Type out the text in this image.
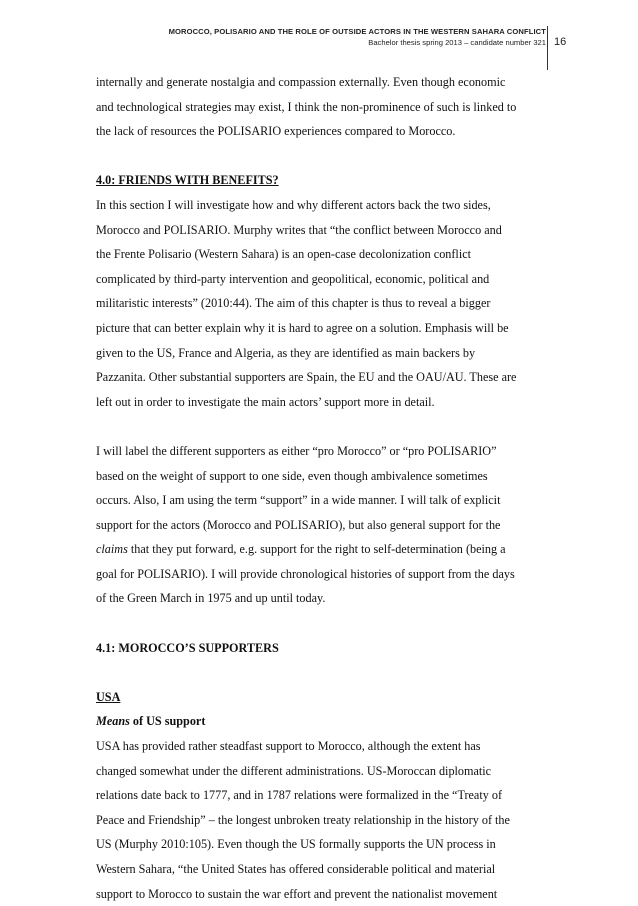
MOROCCO, POLISARIO AND THE ROLE OF OUTSIDE ACTORS IN THE WESTERN SAHARA CONFLICT
Bachelor thesis spring 2013 – candidate number 321 16
internally and generate nostalgia and compassion externally. Even though economic
and technological strategies may exist, I think the non-prominence of such is linked to
the lack of resources the POLISARIO experiences compared to Morocco.
4.0: FRIENDS WITH BENEFITS?
In this section I will investigate how and why different actors back the two sides,
Morocco and POLISARIO. Murphy writes that “the conflict between Morocco and
the Frente Polisario (Western Sahara) is an open-case decolonization conflict
complicated by third-party intervention and geopolitical, economic, political and
militaristic interests” (2010:44). The aim of this chapter is thus to reveal a bigger
picture that can better explain why it is hard to agree on a solution. Emphasis will be
given to the US, France and Algeria, as they are identified as main backers by
Pazzanita. Other substantial supporters are Spain, the EU and the OAU/AU. These are
left out in order to investigate the main actors’ support more in detail.
I will label the different supporters as either “pro Morocco” or “pro POLISARIO”
based on the weight of support to one side, even though ambivalence sometimes
occurs. Also, I am using the term “support” in a wide manner. I will talk of explicit
support for the actors (Morocco and POLISARIO), but also general support for the
claims that they put forward, e.g. support for the right to self-determination (being a
goal for POLISARIO). I will provide chronological histories of support from the days
of the Green March in 1975 and up until today.
4.1: MOROCCO’S SUPPORTERS
USA
Means of US support
USA has provided rather steadfast support to Morocco, although the extent has
changed somewhat under the different administrations. US-Moroccan diplomatic
relations date back to 1777, and in 1787 relations were formalized in the “Treaty of
Peace and Friendship” – the longest unbroken treaty relationship in the history of the
US (Murphy 2010:105). Even though the US formally supports the UN process in
Western Sahara, “the United States has offered considerable political and material
support to Morocco to sustain the war effort and prevent the nationalist movement
